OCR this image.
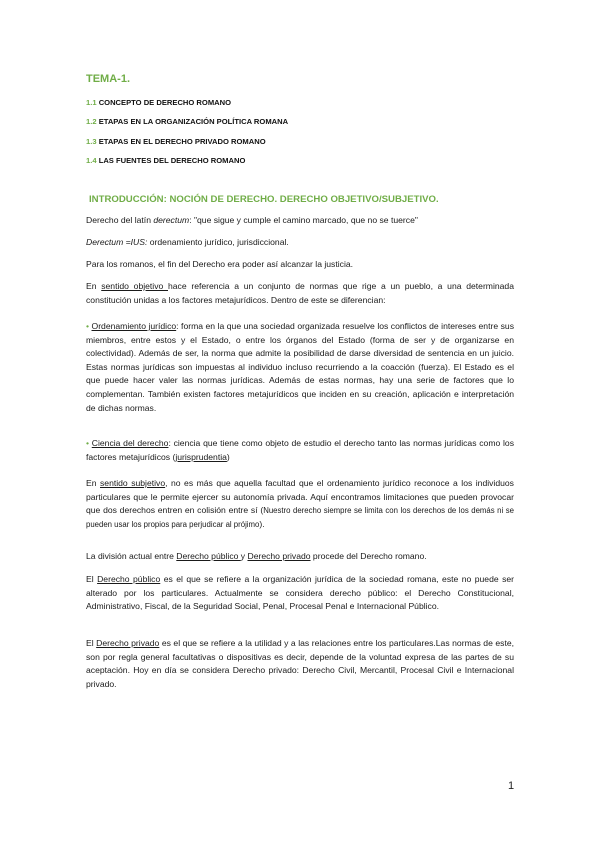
TEMA-1.
1.1 CONCEPTO DE DERECHO ROMANO
1.2 ETAPAS EN LA ORGANIZACIÓN POLÍTICA ROMANA
1.3 ETAPAS EN EL DERECHO PRIVADO ROMANO
1.4 LAS FUENTES DEL DERECHO ROMANO
INTRODUCCIÓN: NOCIÓN DE DERECHO. DERECHO OBJETIVO/SUBJETIVO.
Derecho del latín derectum: "que sigue y cumple el camino marcado, que no se tuerce"
Derectum =IUS: ordenamiento jurídico, jurisdiccional.
Para los romanos, el fin del Derecho era poder así alcanzar la justicia.
En sentido objetivo hace referencia a un conjunto de normas que rige a un pueblo, a una determinada constitución unidas a los factores metajurídicos. Dentro de este se diferencian:
• Ordenamiento jurídico: forma en la que una sociedad organizada resuelve los conflictos de intereses entre sus miembros, entre estos y el Estado, o entre los órganos del Estado (forma de ser y de organizarse en colectividad). Además de ser, la norma que admite la posibilidad de darse diversidad de sentencia en un juicio. Estas normas jurídicas son impuestas al individuo incluso recurriendo a la coacción (fuerza). El Estado es el que puede hacer valer las normas jurídicas. Además de estas normas, hay una serie de factores que lo complementan. También existen factores metajurídicos que inciden en su creación, aplicación e interpretación de dichas normas.
• Ciencia del derecho: ciencia que tiene como objeto de estudio el derecho tanto las normas jurídicas como los factores metajurídicos (jurisprudentia)
En sentido subjetivo, no es más que aquella facultad que el ordenamiento jurídico reconoce a los individuos particulares que le permite ejercer su autonomía privada. Aquí encontramos limitaciones que pueden provocar que dos derechos entren en colisión entre sí (Nuestro derecho siempre se limita con los derechos de los demás ni se pueden usar los propios para perjudicar al prójimo).
La división actual entre Derecho público y Derecho privado procede del Derecho romano.
El Derecho público es el que se refiere a la organización jurídica de la sociedad romana, este no puede ser alterado por los particulares. Actualmente se considera derecho público: el Derecho Constitucional, Administrativo, Fiscal, de la Seguridad Social, Penal, Procesal Penal e Internacional Público.
El Derecho privado es el que se refiere a la utilidad y a las relaciones entre los particulares.Las normas de este, son por regla general facultativas o dispositivas es decir, depende de la voluntad expresa de las partes de su aceptación. Hoy en día se considera Derecho privado: Derecho Civil, Mercantil, Procesal Civil e Internacional privado.
1
